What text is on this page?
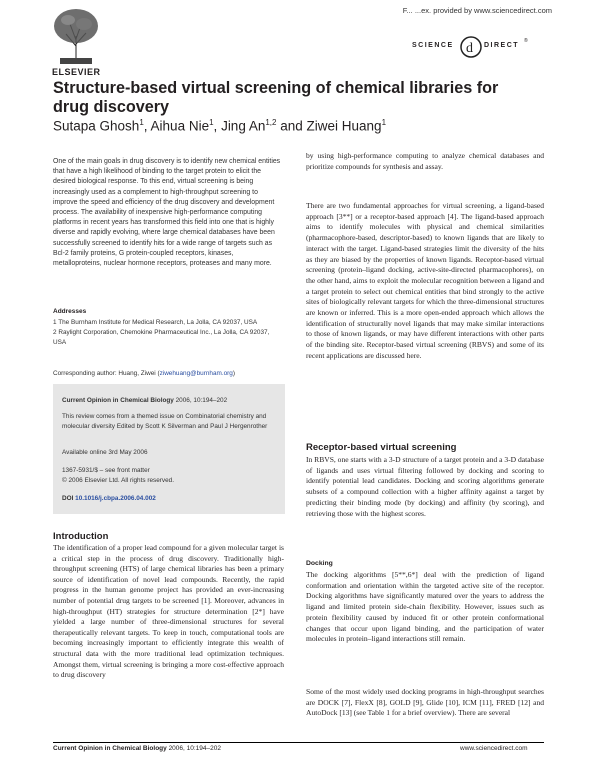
ELSEVIER
F... ...ex. provided by www.sciencedirect.com
SCIENCE d DIRECT
®
Structure-based virtual screening of chemical libraries for drug discovery
Sutapa Ghosh$^1$, Aihua Nie$^1$, Jing An$^{1,2}$ and Ziwei Huang$^1$
One of the main goals in drug discovery is to identify new chemical entities that have a high likelihood of binding to the target protein to elicit the desired biological response. To this end, virtual screening is being increasingly used as a complement to high-throughput screening to improve the speed and efficiency of the drug discovery and development process. The availability of inexpensive high-performance computing platforms in recent years has transformed this field into one that is highly diverse and rapidly evolving, where large chemical databases have been successfully screened to identify hits for a wide range of targets such as Bcl-2 family proteins, G protein-coupled receptors, kinases, metalloproteins, nuclear hormone receptors, proteases and many more.
Addresses
1 The Burnham Institute for Medical Research, La Jolla, CA 92037, USA
2 Raylight Corporation, Chemokine Pharmaceutical Inc., La Jolla, CA 92037, USA
Corresponding author: Huang, Ziwei (ziwehuang@burnham.org)
Current Opinion in Chemical Biology 2006, 10:194–202
This review comes from a themed issue on Combinatorial chemistry and molecular diversity Edited by Scott K Silverman and Paul J Hergenrother
Available online 3rd May 2006
1367-5931/$ – see front matter
© 2006 Elsevier Ltd. All rights reserved.
DOI 10.1016/j.cbpa.2006.04.002
Introduction
The identification of a proper lead compound for a given molecular target is a critical step in the process of drug discovery. Traditionally high-throughput screening (HTS) of large chemical libraries has been a primary source of identification of novel lead compounds. Recently, the rapid progress in the human genome project has provided an ever-increasing number of potential drug targets to be screened [1]. Moreover, advances in high-throughput (HT) strategies for structure determination [2*] have yielded a large number of three-dimensional structures for several therapeutically relevant targets. To keep in touch, computational tools are becoming increasingly important to efficiently integrate this wealth of structural data with the more traditional lead optimization techniques. Amongst them, virtual screening is bringing a more cost-effective approach to drug discovery
by using high-performance computing to analyze chemical databases and prioritize compounds for synthesis and assay.
There are two fundamental approaches for virtual screening, a ligand-based approach [3**] or a receptor-based approach [4]. The ligand-based approach aims to identify molecules with physical and chemical similarities (pharmacophore-based, descriptor-based) to known ligands that are likely to interact with the target. Ligand-based strategies limit the diversity of the hits as they are biased by the properties of known ligands. Receptor-based virtual screening (protein–ligand docking, active-site-directed pharmacophores), on the other hand, aims to exploit the molecular recognition between a ligand and a target protein to select out chemical entities that bind strongly to the active sites of biologically relevant targets for which the three-dimensional structures are known or inferred. This is a more open-ended approach which allows the identification of structurally novel ligands that may make similar interactions to those of known ligands, or may have different interactions with other parts of the binding site. Receptor-based virtual screening (RBVS) and some of its recent applications are discussed here.
Receptor-based virtual screening
In RBVS, one starts with a 3-D structure of a target protein and a 3-D database of ligands and uses virtual filtering followed by docking and scoring to identify potential lead candidates. Docking and scoring algorithms generate subsets of a compound collection with a higher affinity against a target by predicting their binding mode (by docking) and affinity (by scoring), and retrieving those with the highest scores.
Docking
The docking algorithms [5**,6*] deal with the prediction of ligand conformation and orientation within the targeted active site of the receptor. Docking algorithms have significantly matured over the years to address the ligand and limited protein side-chain flexibility. However, issues such as protein flexibility caused by induced fit or other protein conformational changes that occur upon ligand binding, and the participation of water molecules in protein–ligand interactions still remain.
Some of the most widely used docking programs in high-throughput searches are DOCK [7], FlexX [8], GOLD [9], Glide [10], ICM [11], FRED [12] and AutoDock [13] (see Table 1 for a brief overview). There are several
Current Opinion in Chemical Biology 2006, 10:194–202	www.sciencedirect.com
